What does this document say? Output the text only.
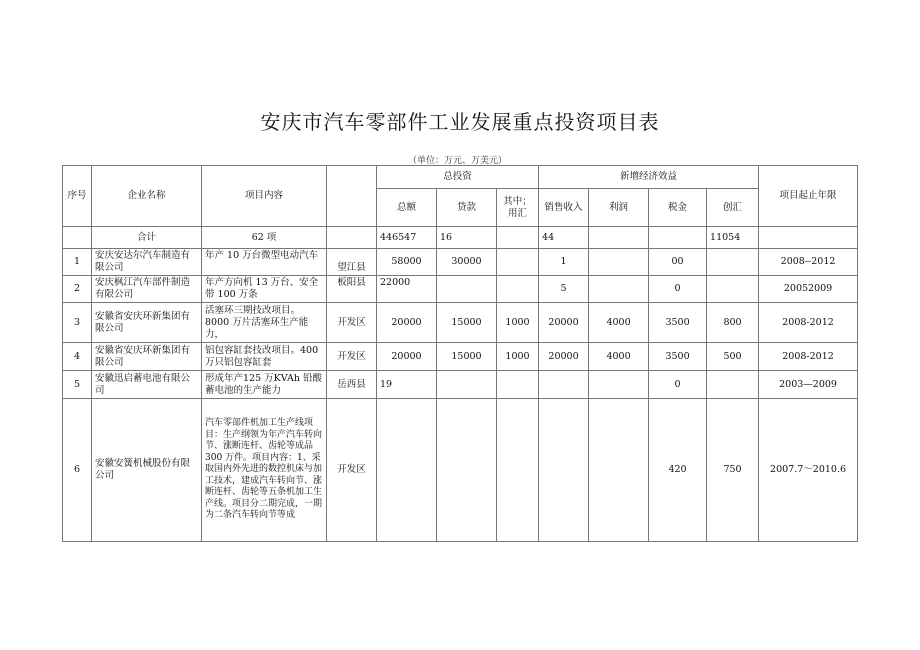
安庆市汽车零部件工业发展重点投资项目表
（单位：万元、万美元）
序号	企业名称	项目内容		总投资			新增经济效益				项目起止年限
				总额	贷款	其中；用汇	销售收入	利润	税金	创汇	
	合计	62 项		446547	16		44			11054	
1	安庆安达尔汽车制造有限公司	年产 10 万台微型电动汽车	望江县	58000	30000		1		00		2008--2012
2	安庆枫江汽车部件制造有限公司	年产方向机 13 万台、安全带 100 万条	板阳县	22000			5		0		20052009
3	安徽省安庆环新集团有限公司	活塞环三期技改项目。8000 万片活塞环生产能力，	开发区	20000	15000	1000	20000	4000	3500	800	2008-2012
4	安徽省安庆环新集团有限公司	铝包容缸套技改项目。400 万只铝包容缸套	开发区	20000	15000	1000	20000	4000	3500	500	2008-2012
5	安徽迅启蓄电池有限公司	形成年产125 万KVAh 铅酸蓄电池的生产能力	岳西县	19					0		2003—2009
6	安徽安簧机械股份有限公司	汽车零部件机加工生产线项目：生产纲领为年产汽车转向节、涨断连杆、齿轮等成品 300 万件。项目内容：1、采取国内外先进的数控机床与加工技术，建成汽车转向节、涨断连杆、齿轮等五条机加工生产线。项目分二期完成，一期为二条汽车转向节等成	开发区						420	750	2007.7～2010.6
